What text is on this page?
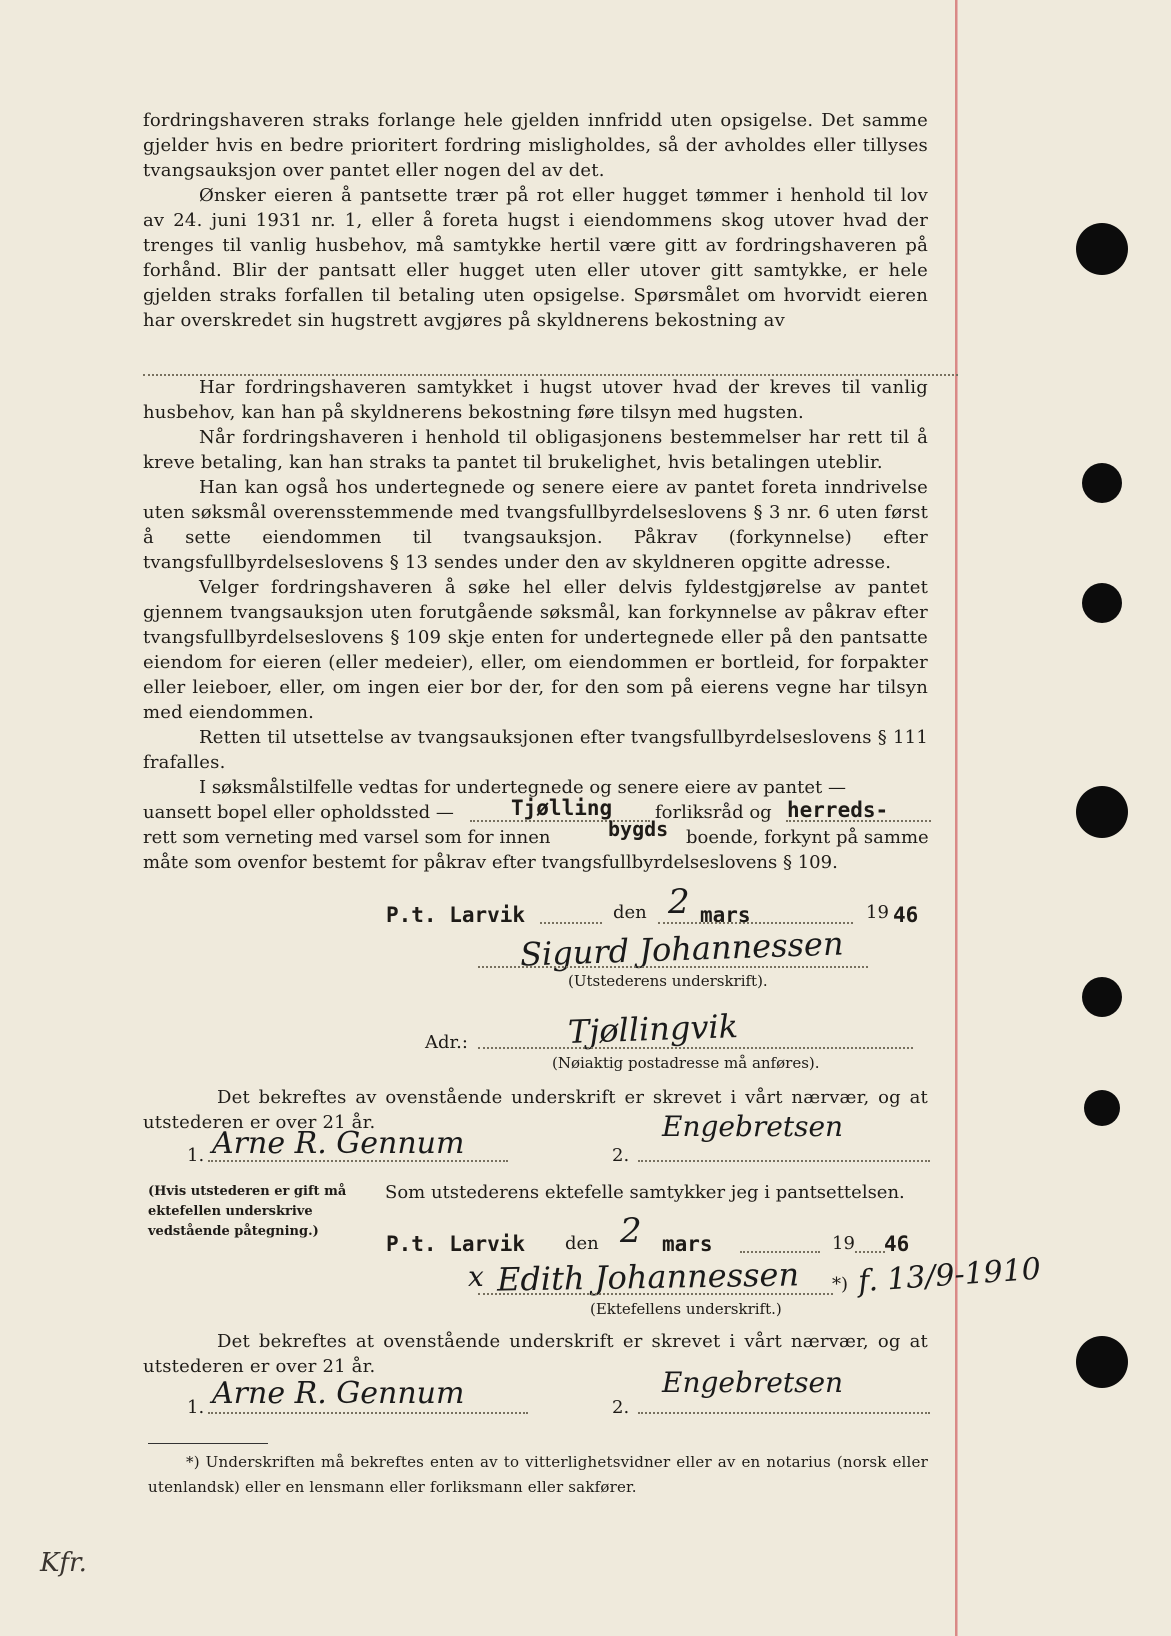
fordringshaveren straks forlange hele gjelden innfridd uten opsigelse. Det samme gjelder hvis en bedre prioritert fordring misligholdes, så der avholdes eller tillyses tvangsauksjon over pantet eller nogen del av det.
Ønsker eieren å pantsette trær på rot eller hugget tømmer i henhold til lov av 24. juni 1931 nr. 1, eller å foreta hugst i eiendommens skog utover hvad der trenges til vanlig husbehov, må samtykke hertil være gitt av fordringshaveren på forhånd. Blir der pantsatt eller hugget uten eller utover gitt samtykke, er hele gjelden straks forfallen til betaling uten opsigelse. Spørsmålet om hvorvidt eieren har overskredet sin hugstrett avgjøres på skyldnerens bekostning av
Har fordringshaveren samtykket i hugst utover hvad der kreves til vanlig husbehov, kan han på skyldnerens bekostning føre tilsyn med hugsten.
Når fordringshaveren i henhold til obligasjonens bestemmelser har rett til å kreve betaling, kan han straks ta pantet til brukelighet, hvis betalingen uteblir.
Han kan også hos undertegnede og senere eiere av pantet foreta inndrivelse uten søksmål overensstemmende med tvangsfullbyrdelseslovens § 3 nr. 6 uten først å sette eiendommen til tvangsauksjon. Påkrav (forkynnelse) efter tvangsfullbyrdelseslovens § 13 sendes under den av skyldneren opgitte adresse.
Velger fordringshaveren å søke hel eller delvis fyldestgjørelse av pantet gjennem tvangsauksjon uten forutgående søksmål, kan forkynnelse av påkrav efter tvangsfullbyrdelseslovens § 109 skje enten for undertegnede eller på den pantsatte eiendom for eieren (eller medeier), eller, om eiendommen er bortleid, for forpakter eller leieboer, eller, om ingen eier bor der, for den som på eierens vegne har tilsyn med eiendommen.
Retten til utsettelse av tvangsauksjonen efter tvangsfullbyrdelseslovens § 111 frafalles.
I søksmålstilfelle vedtas for undertegnede og senere eiere av pantet —
uansett bopel eller opholdssted —	forliksråd og
rett som verneting med varsel som for innen	boende, forkynt på samme
måte som ovenfor bestemt for påkrav efter tvangsfullbyrdelseslovens § 109.
Tjølling	herreds-
bygds
P.t. Larvik	den 2 mars	19 46
Sigurd Johannessen
(Utstederens underskrift).
Adr.:	Tjøllingvik
(Nøiaktig postadresse må anføres).
Det bekreftes av ovenstående underskrift er skrevet i vårt nærvær, og at utstederen er over 21 år.
1. Arne R. Gennum	2.
Engebretsen
(Hvis utstederen er gift må ektefellen underskrive vedstående påtegning.)
Som utstederens ektefelle samtykker jeg i pantsettelsen.
P.t. Larvik den 2 mars	19 46
x Edith Johannessen *) f. 13/9-1910
(Ektefellens underskrift.)
Det bekreftes at ovenstående underskrift er skrevet i vårt nærvær, og at utstederen er over 21 år.
1. Arne R. Gennum	2.
Engebretsen
*) Underskriften må bekreftes enten av to vitterlighetsvidner eller av en notarius (norsk eller utenlandsk) eller en lensmann eller forliksmann eller sakfører.
Kfr.
